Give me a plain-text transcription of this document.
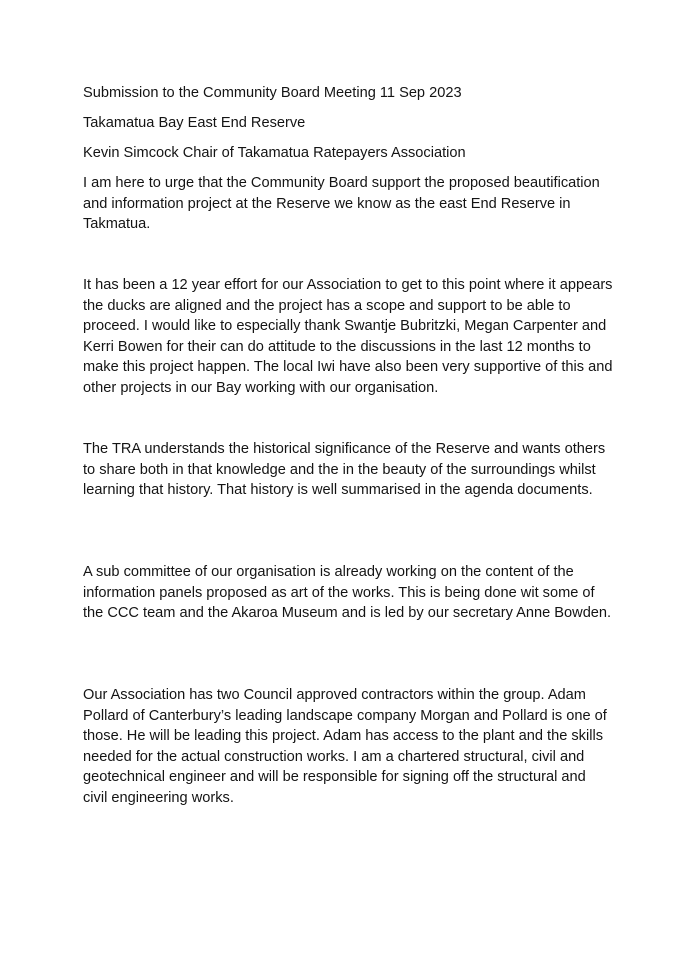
Submission to the Community Board Meeting 11 Sep 2023

Takamatua Bay East End Reserve

Kevin Simcock Chair of Takamatua Ratepayers Association

I am here to urge that the Community Board support the proposed beautification and information project at the Reserve we know as the east End Reserve in Takmatua.

It has been a 12 year effort for our Association to get to this point where it appears the ducks are aligned and the project has a scope and support to be able to proceed. I would like to especially thank Swantje Bubritzki, Megan Carpenter and Kerri Bowen for their can do attitude to the discussions in the last 12 months to make this project happen. The local Iwi have also been very supportive of this and other projects in our Bay working with our organisation.

The TRA understands the historical significance of the Reserve and wants others to share both in that knowledge and the in the beauty of the surroundings whilst learning that history. That history is well summarised in the agenda documents.

A sub committee of our organisation is already working on the content of the information panels proposed as art of the works. This is being done wit some of the CCC team and the Akaroa Museum and is led by our secretary Anne Bowden.

Our Association has two Council approved contractors within the group. Adam Pollard of Canterbury’s leading landscape company Morgan and Pollard is one of those. He will be leading this project. Adam has access to the plant and the skills needed for the actual construction works. I am a chartered structural, civil and geotechnical engineer and will be responsible for signing off the structural and civil engineering works.
